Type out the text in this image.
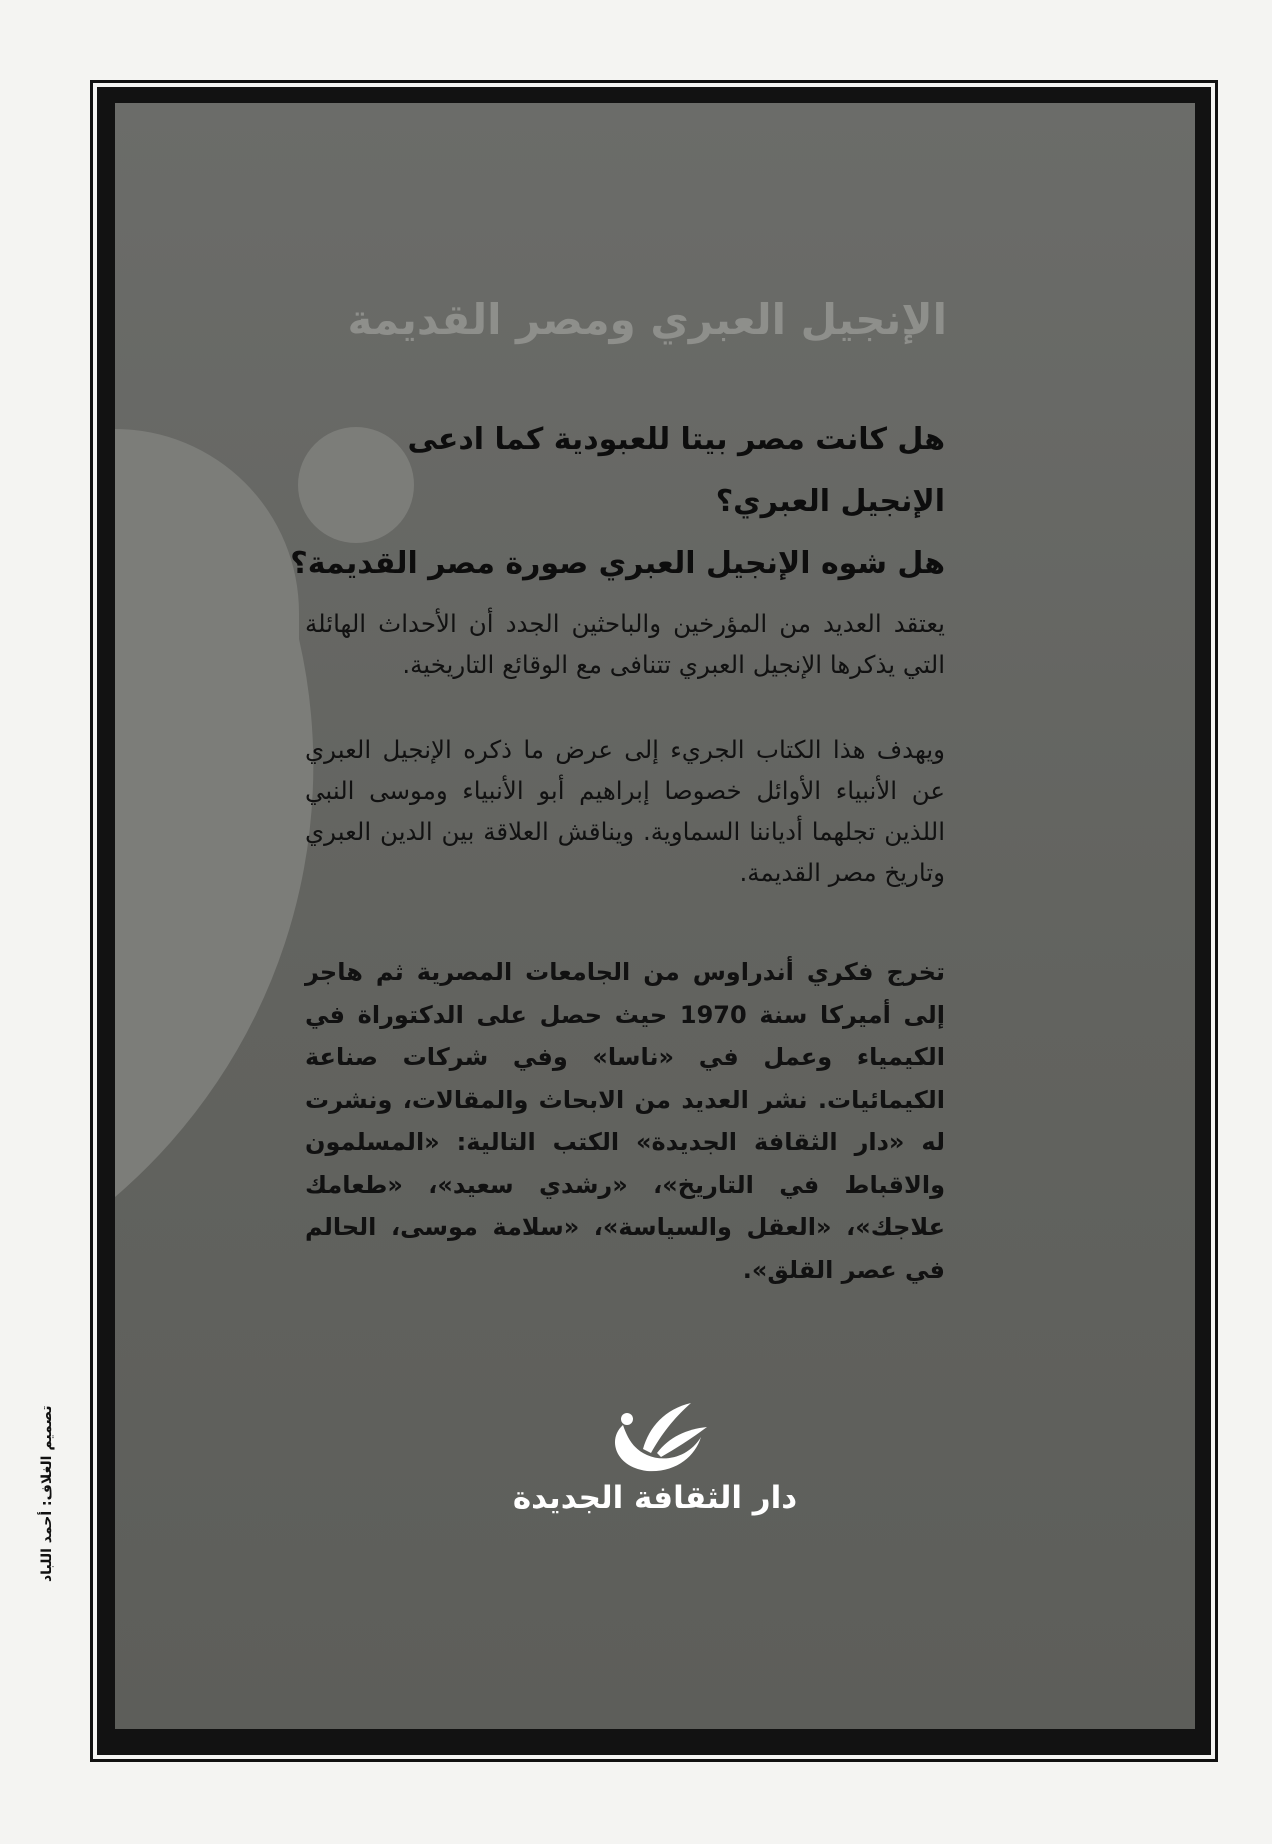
الإنجيل العبري ومصر القديمة
هل كانت مصر بيتا للعبودية كما ادعى
الإنجيل العبري؟
هل شوه الإنجيل العبري صورة مصر القديمة؟
يعتقد العديد من المؤرخين والباحثين الجدد أن الأحداث الهائلة التي يذكرها الإنجيل العبري تتنافى مع الوقائع التاريخية.
ويهدف هذا الكتاب الجريء إلى عرض ما ذكره الإنجيل العبري عن الأنبياء الأوائل خصوصا إبراهيم أبو الأنبياء وموسى النبي اللذين تجلهما أدياننا السماوية. ويناقش العلاقة بين الدين العبري وتاريخ مصر القديمة.
تخرج فكري أندراوس من الجامعات المصرية ثم هاجر إلى أميركا سنة 1970 حيث حصل على الدكتوراة في الكيمياء وعمل في «ناسا» وفي شركات صناعة الكيمائيات. نشر العديد من الابحاث والمقالات، ونشرت له «دار الثقافة الجديدة» الكتب التالية: «المسلمون والاقباط في التاريخ»، «رشدي سعيد»، «طعامك علاجك»، «العقل والسياسة»، «سلامة موسى، الحالم في عصر القلق».
دار الثقافة الجديدة
تصميم الغلاف: أحمد اللباد
